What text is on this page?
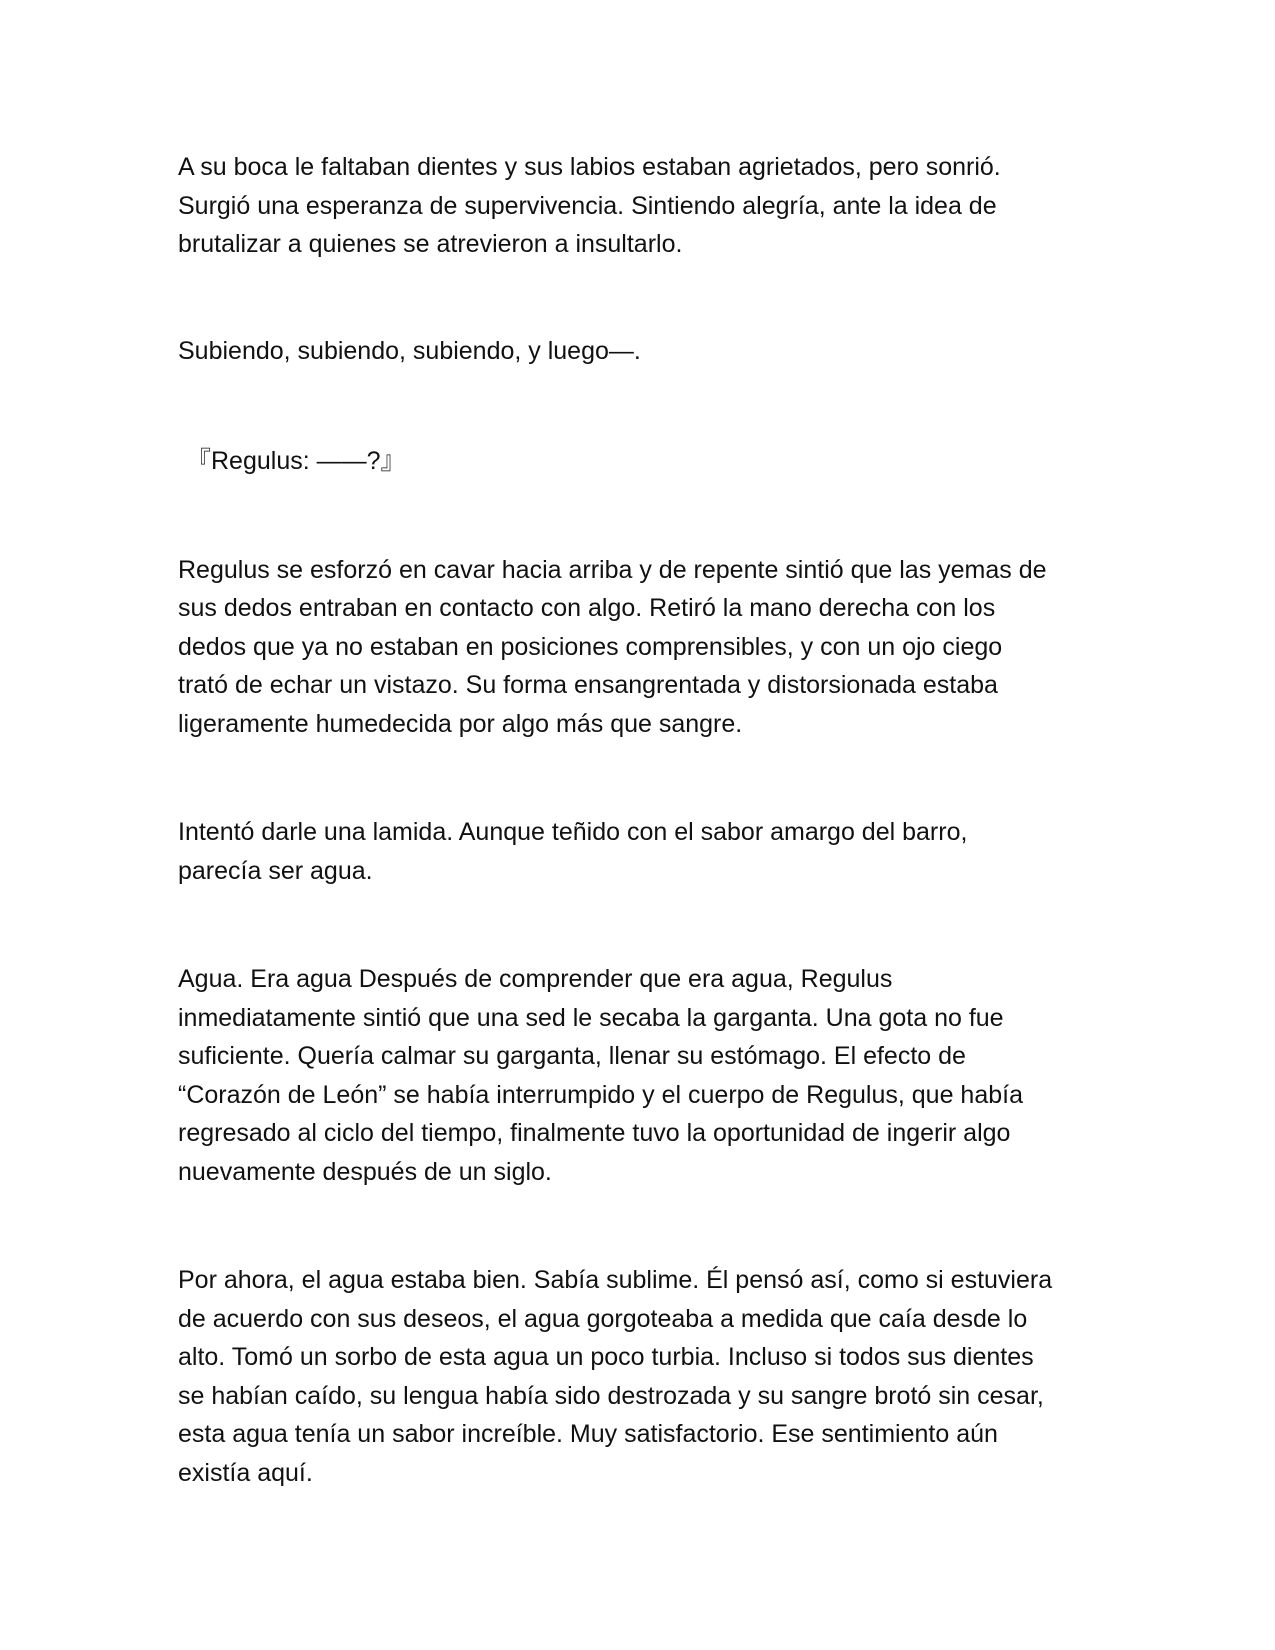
A su boca le faltaban dientes y sus labios estaban agrietados, pero sonrió.
Surgió una esperanza de supervivencia. Sintiendo alegría, ante la idea de
brutalizar a quienes se atrevieron a insultarlo.

Subiendo, subiendo, subiendo, y luego—.

『Regulus: ——?』

Regulus se esforzó en cavar hacia arriba y de repente sintió que las yemas de
sus dedos entraban en contacto con algo. Retiró la mano derecha con los
dedos que ya no estaban en posiciones comprensibles, y con un ojo ciego
trató de echar un vistazo. Su forma ensangrentada y distorsionada estaba
ligeramente humedecida por algo más que sangre.

Intentó darle una lamida. Aunque teñido con el sabor amargo del barro,
parecía ser agua.

Agua. Era agua Después de comprender que era agua, Regulus
inmediatamente sintió que una sed le secaba la garganta. Una gota no fue
suficiente. Quería calmar su garganta, llenar su estómago. El efecto de
“Corazón de León” se había interrumpido y el cuerpo de Regulus, que había
regresado al ciclo del tiempo, finalmente tuvo la oportunidad de ingerir algo
nuevamente después de un siglo.

Por ahora, el agua estaba bien. Sabía sublime. Él pensó así, como si estuviera
de acuerdo con sus deseos, el agua gorgoteaba a medida que caía desde lo
alto. Tomó un sorbo de esta agua un poco turbia. Incluso si todos sus dientes
se habían caído, su lengua había sido destrozada y su sangre brotó sin cesar,
esta agua tenía un sabor increíble. Muy satisfactorio. Ese sentimiento aún
existía aquí.
